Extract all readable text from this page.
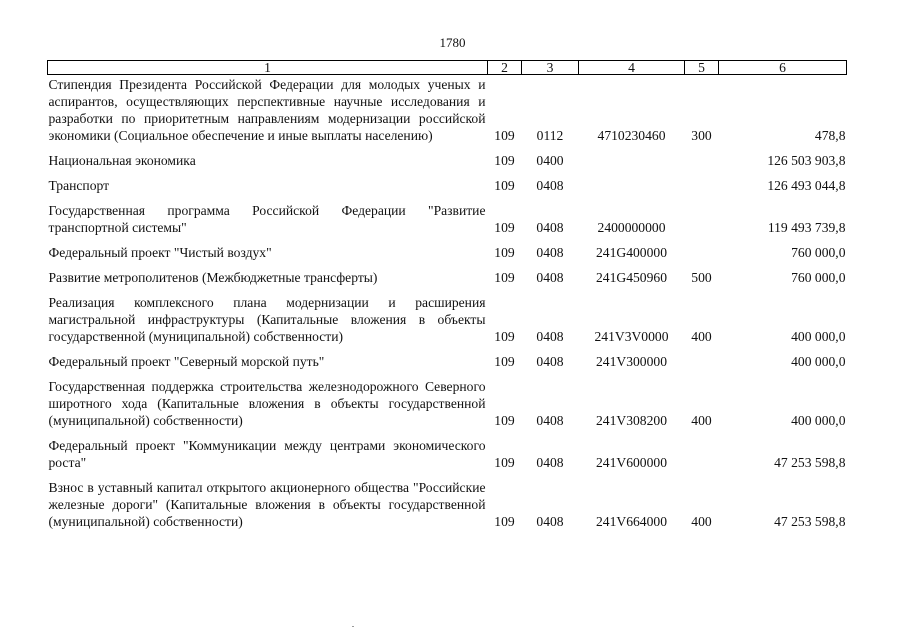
1780
1	2	3	4	5	6
Стипендия Президента Российской Федерации для молодых ученых и аспирантов, осуществляющих перспективные научные исследования и разработки по приоритетным направлениям модернизации российской экономики (Социальное обеспечение и иные выплаты населению)	109	0112	4710230460	300	478,8
Национальная экономика	109	0400			126 503 903,8
Транспорт	109	0408			126 493 044,8
Государственная программа Российской Федерации "Развитие транспортной системы"	109	0408	2400000000		119 493 739,8
Федеральный проект "Чистый воздух"	109	0408	241G400000		760 000,0
Развитие метрополитенов (Межбюджетные трансферты)	109	0408	241G450960	500	760 000,0
Реализация комплексного плана модернизации и расширения магистральной инфраструктуры (Капитальные вложения в объекты государственной (муниципальной) собственности)	109	0408	241V3V0000	400	400 000,0
Федеральный проект "Северный морской путь"	109	0408	241V300000		400 000,0
Государственная поддержка строительства железнодорожного Северного широтного хода (Капитальные вложения в объекты государственной (муниципальной) собственности)	109	0408	241V308200	400	400 000,0
Федеральный проект "Коммуникации между центрами экономического роста"	109	0408	241V600000		47 253 598,8
Взнос в уставный капитал открытого акционерного общества "Российские железные дороги" (Капитальные вложения в объекты государственной (муниципальной) собственности)	109	0408	241V664000	400	47 253 598,8
